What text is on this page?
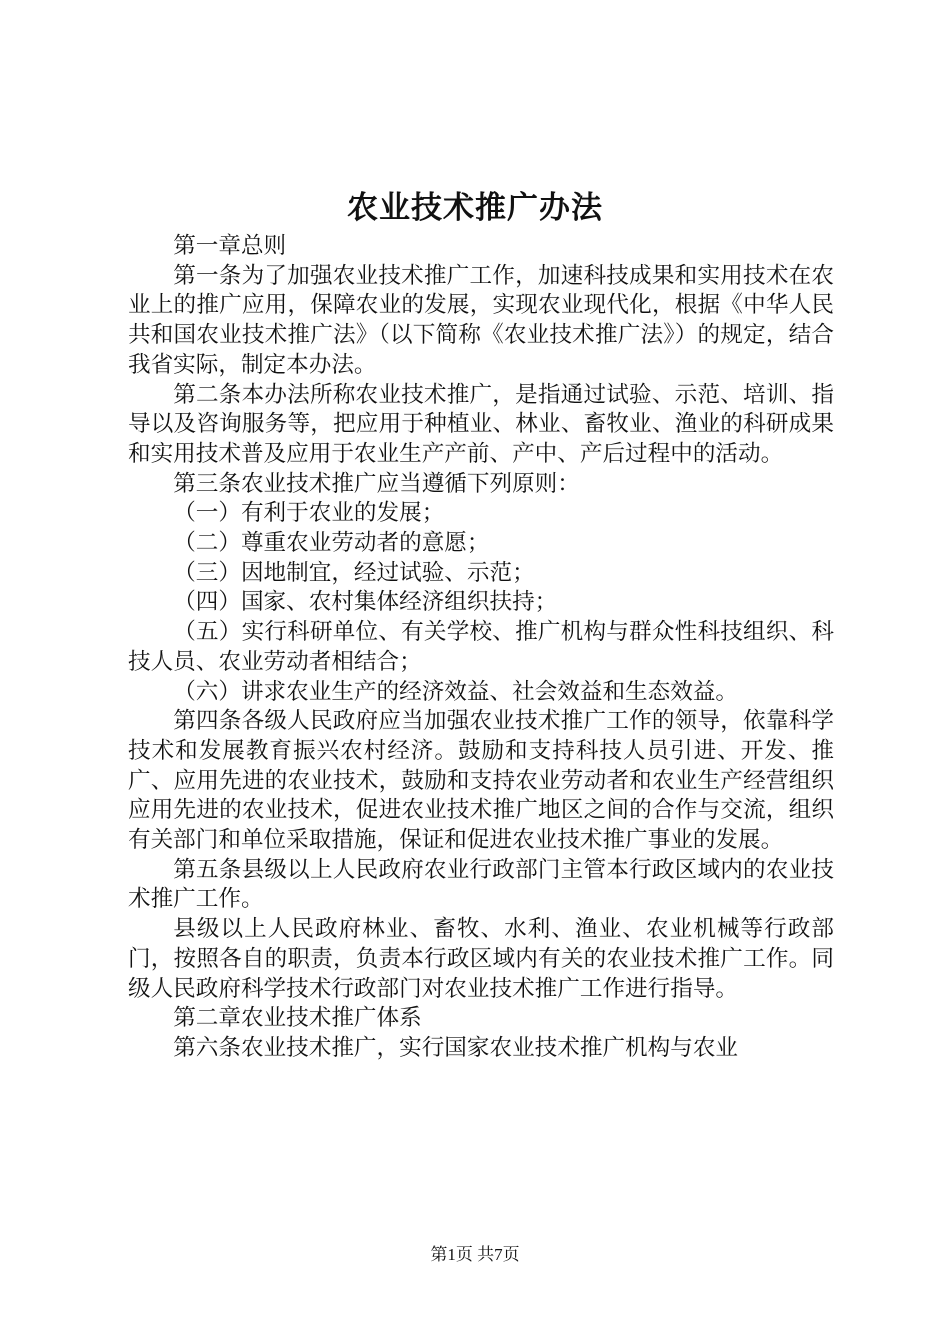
农业技术推广办法

第一章总则

第一条为了加强农业技术推广工作，加速科技成果和实用技术在农业上的推广应用，保障农业的发展，实现农业现代化，根据《中华人民共和国农业技术推广法》（以下简称《农业技术推广法》）的规定，结合我省实际，制定本办法。

第二条本办法所称农业技术推广，是指通过试验、示范、培训、指导以及咨询服务等，把应用于种植业、林业、畜牧业、渔业的科研成果和实用技术普及应用于农业生产产前、产中、产后过程中的活动。

第三条农业技术推广应当遵循下列原则：

（一）有利于农业的发展；

（二）尊重农业劳动者的意愿；

（三）因地制宜，经过试验、示范；

（四）国家、农村集体经济组织扶持；

（五）实行科研单位、有关学校、推广机构与群众性科技组织、科技人员、农业劳动者相结合；

（六）讲求农业生产的经济效益、社会效益和生态效益。

第四条各级人民政府应当加强农业技术推广工作的领导，依靠科学技术和发展教育振兴农村经济。鼓励和支持科技人员引进、开发、推广、应用先进的农业技术，鼓励和支持农业劳动者和农业生产经营组织应用先进的农业技术，促进农业技术推广地区之间的合作与交流，组织有关部门和单位采取措施，保证和促进农业技术推广事业的发展。

第五条县级以上人民政府农业行政部门主管本行政区域内的农业技术推广工作。

县级以上人民政府林业、畜牧、水利、渔业、农业机械等行政部门，按照各自的职责，负责本行政区域内有关的农业技术推广工作。同级人民政府科学技术行政部门对农业技术推广工作进行指导。

第二章农业技术推广体系

第六条农业技术推广，实行国家农业技术推广机构与农业

第1页 共7页
